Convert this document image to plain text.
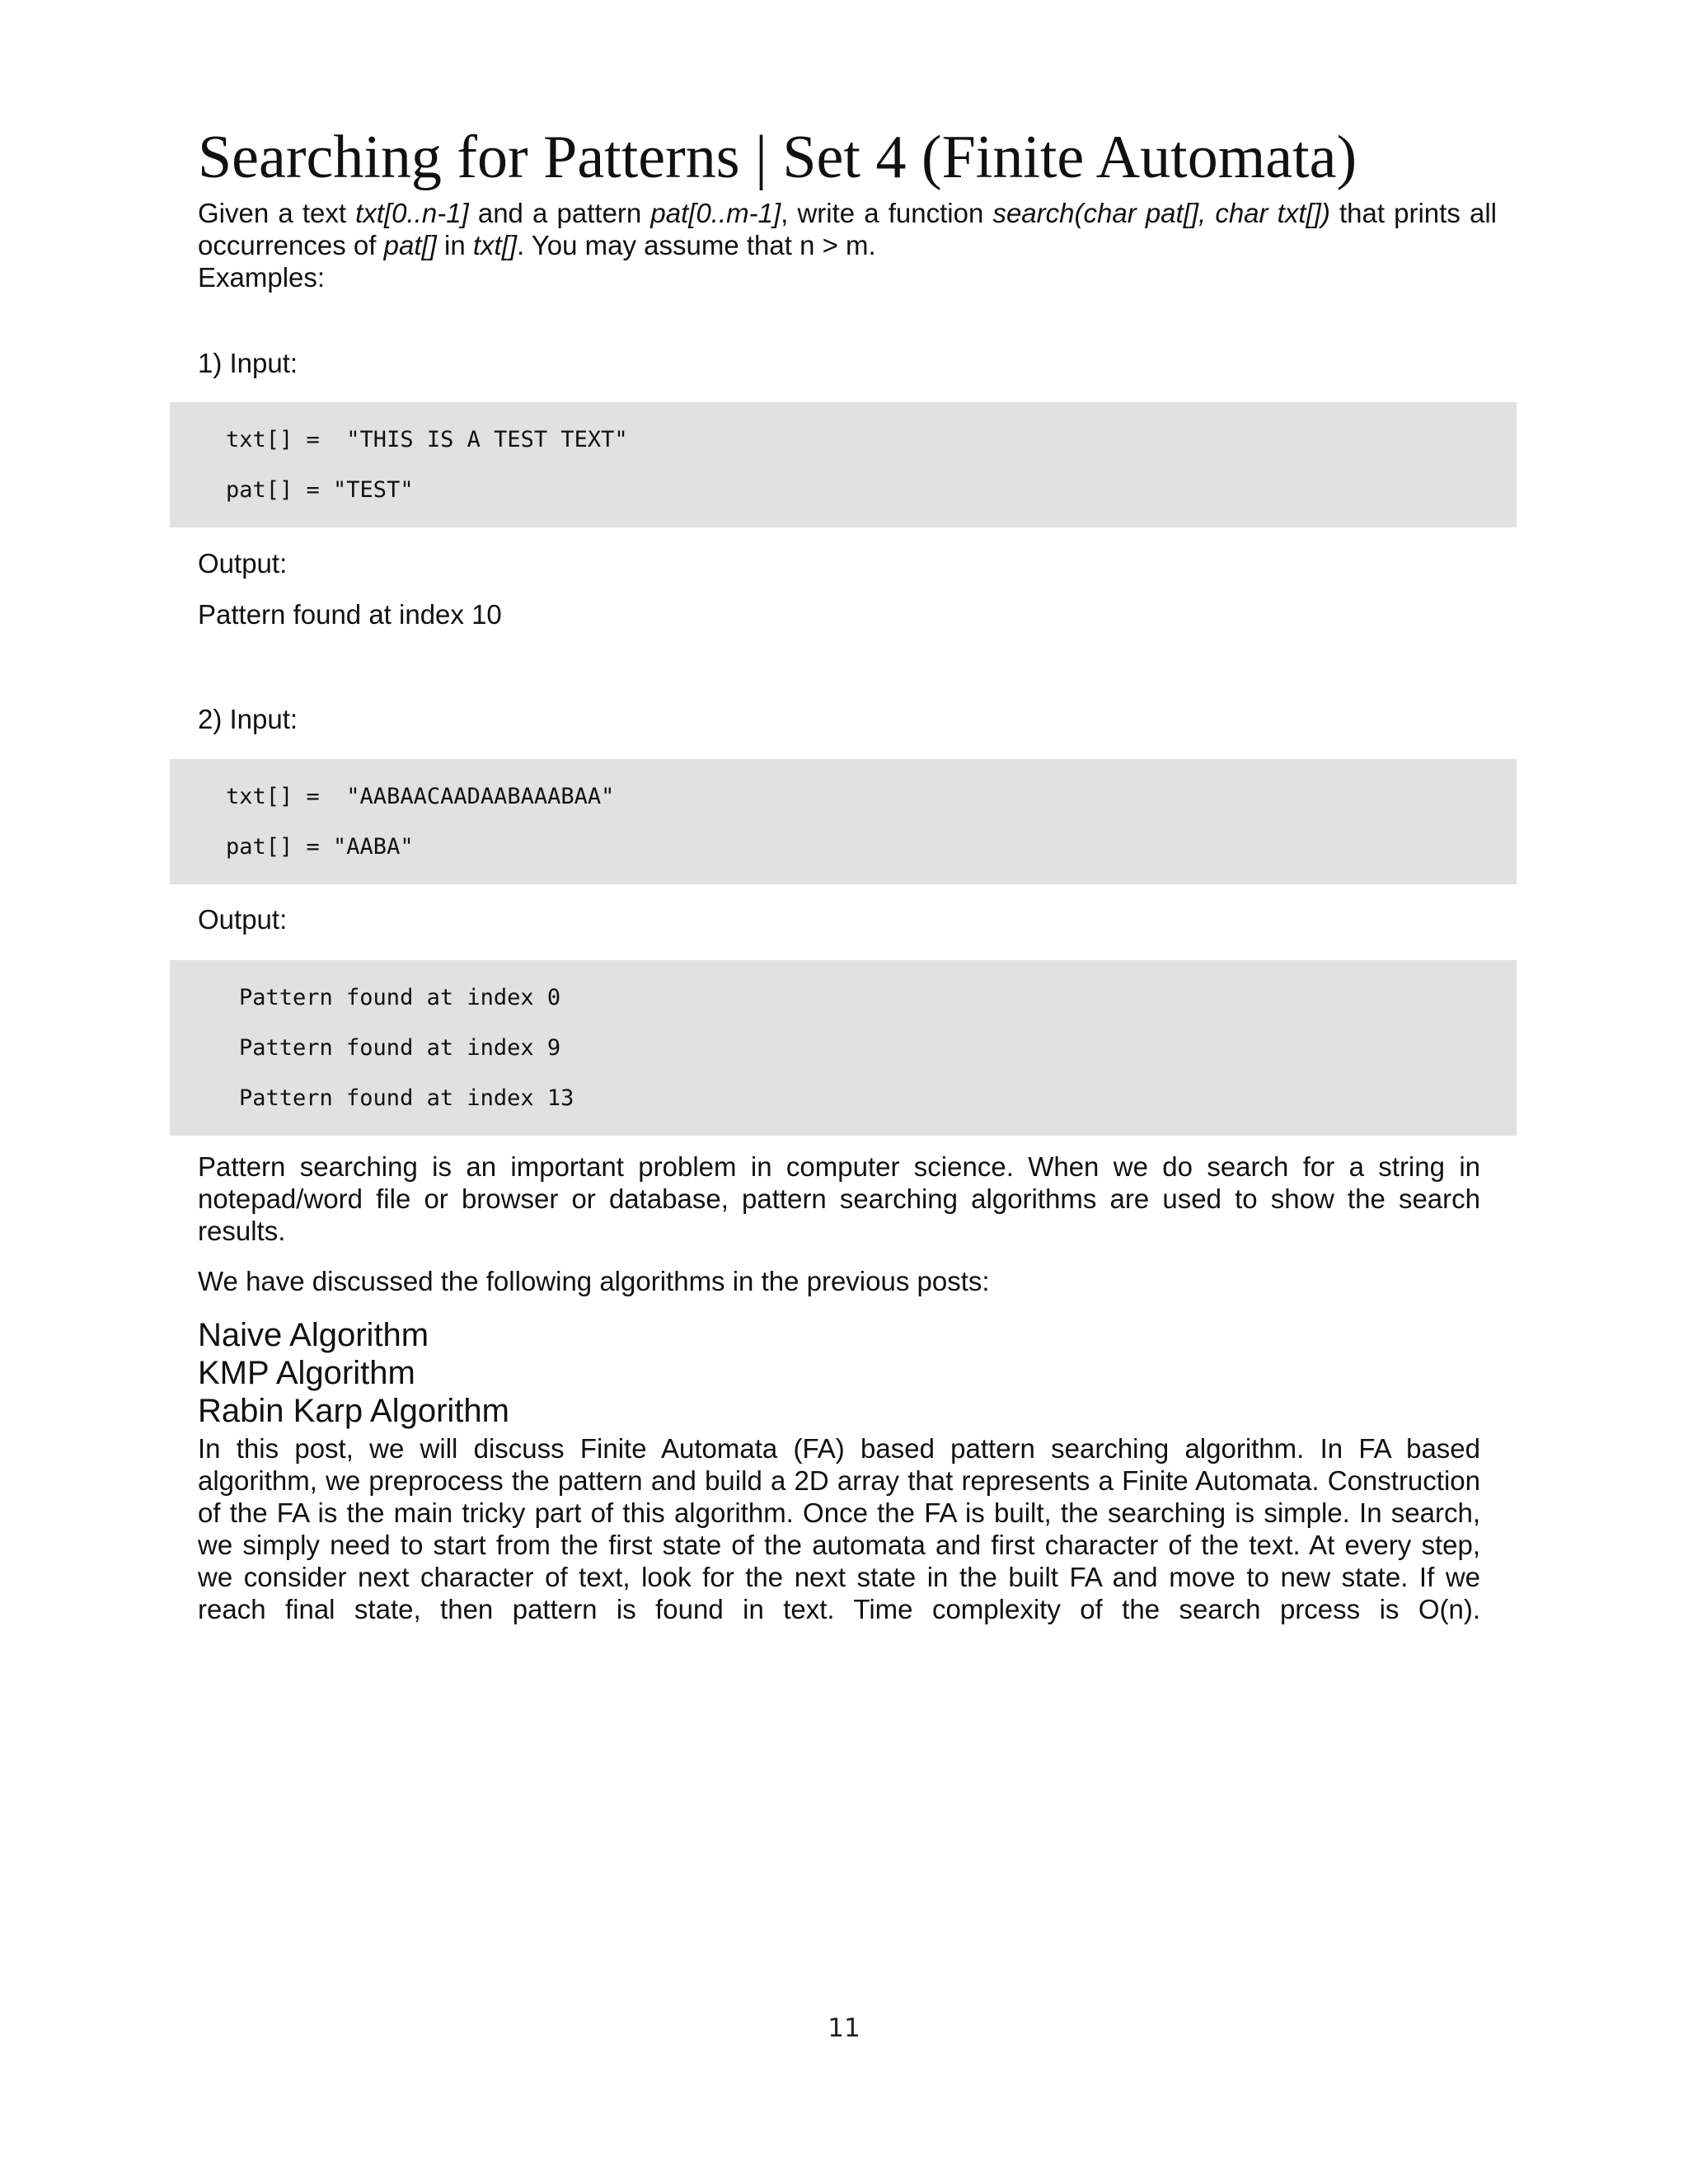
Searching for Patterns | Set 4 (Finite Automata)

Given a text txt[0..n-1] and a pattern pat[0..m-1], write a function search(char pat[], char txt[]) that prints all

occurrences of pat[] in txt[]. You may assume that n > m.

Examples:

1) Input:

txt[] =  "THIS IS A TEST TEXT"
pat[] = "TEST"

Output:

Pattern found at index 10

2) Input:

txt[] =  "AABAACAADAABAAABAA"
pat[] = "AABA"

Output:

Pattern found at index 0
Pattern found at index 9
Pattern found at index 13

Pattern searching is an important problem in computer science. When we do search for a string in

notepad/word file or browser or database, pattern searching algorithms are used to show the search

results.

We have discussed the following algorithms in the previous posts:

Naive Algorithm

KMP Algorithm

Rabin Karp Algorithm

In this post, we will discuss Finite Automata (FA) based pattern searching algorithm. In FA based

algorithm, we preprocess the pattern and build a 2D array that represents a Finite Automata. Construction

of the FA is the main tricky part of this algorithm. Once the FA is built, the searching is simple. In search,

we simply need to start from the first state of the automata and first character of the text. At every step,

we consider next character of text, look for the next state in the built FA and move to new state. If we

reach final state, then pattern is found in text. Time complexity of the search prcess is O(n).

11
